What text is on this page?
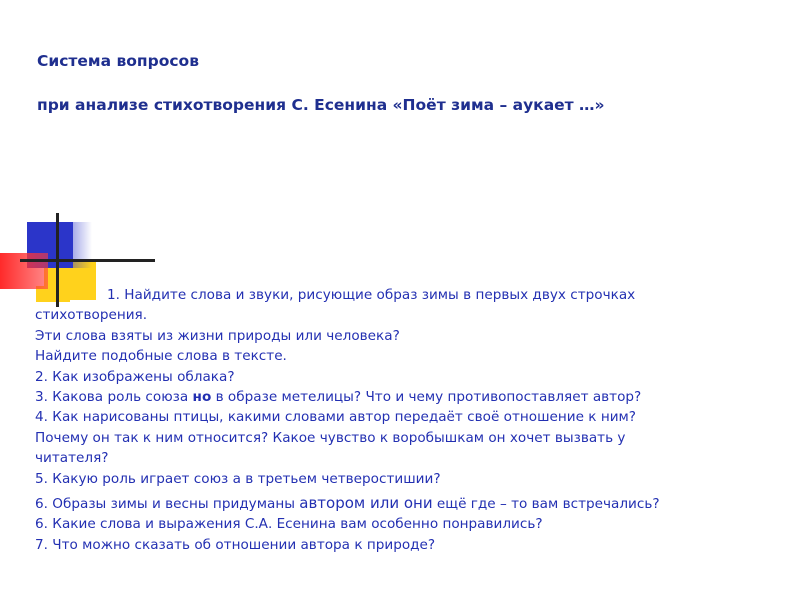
Система вопросов
при анализе стихотворения С. Есенина «Поёт зима – аукает …»
1. Найдите слова и звуки, рисующие образ зимы в первых двух строчках
стихотворения.
Эти слова взяты из жизни природы или человека?
Найдите подобные слова в тексте.
2. Как изображены облака?
3. Какова роль союза но в образе метелицы? Что и чему противопоставляет автор?
4. Как нарисованы птицы, какими словами автор передаёт своё отношение к ним?
Почему он так к ним относится? Какое чувство к воробышкам он хочет вызвать у
читателя?
5. Какую роль играет союз а в третьем четверостишии?
6. Образы зимы и весны придуманы автором или они ещё где – то вам встречались?
6. Какие слова и выражения С.А. Есенина вам особенно понравились?
7. Что можно сказать об отношении автора к природе?
